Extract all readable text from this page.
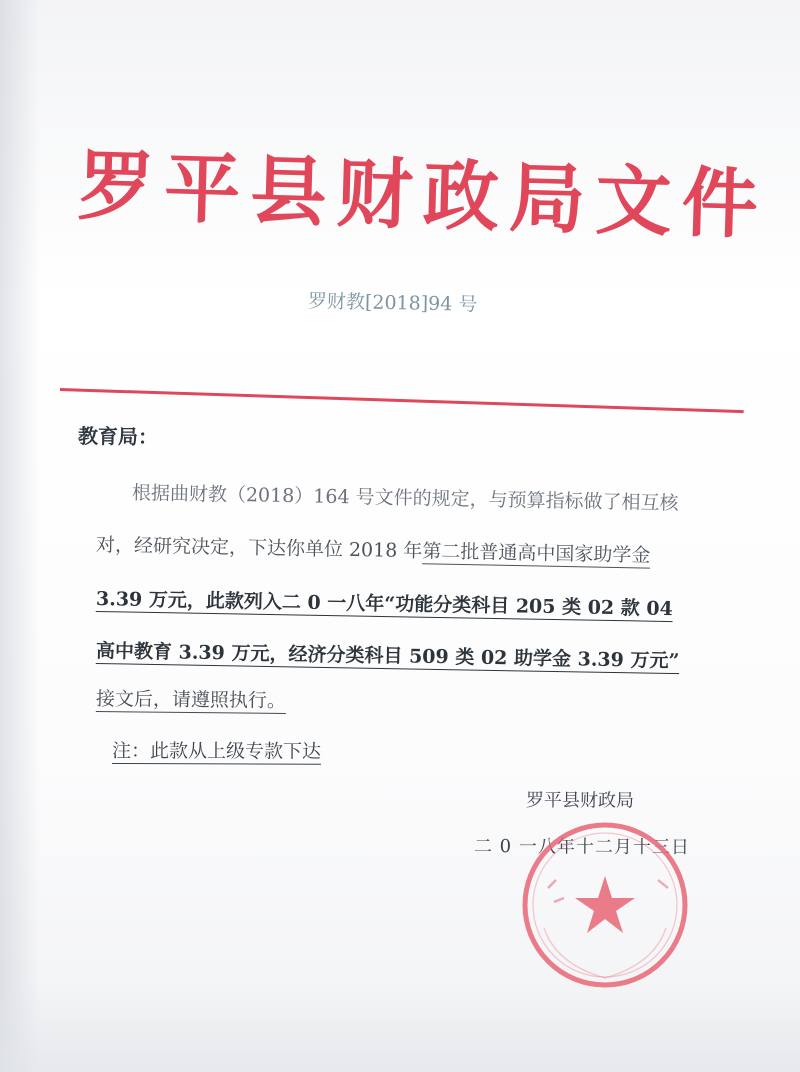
罗 平 县 财 政 局 文 件
罗财教[2018]94 号
教育局：
根据曲财教（2018）164 号文件的规定，与预算指标做了相互核
对，经研究决定，下达你单位 2018 年第二批普通高中国家助学金
3.39 万元，此款列入二 0 一八年“功能分类科目 205 类 02 款 04
高中教育 3.39 万元，经济分类科目 509 类 02 助学金 3.39 万元”
接文后，请遵照执行。
注：此款从上级专款下达
罗平县财政局
二 0 一八年十二月十三日
